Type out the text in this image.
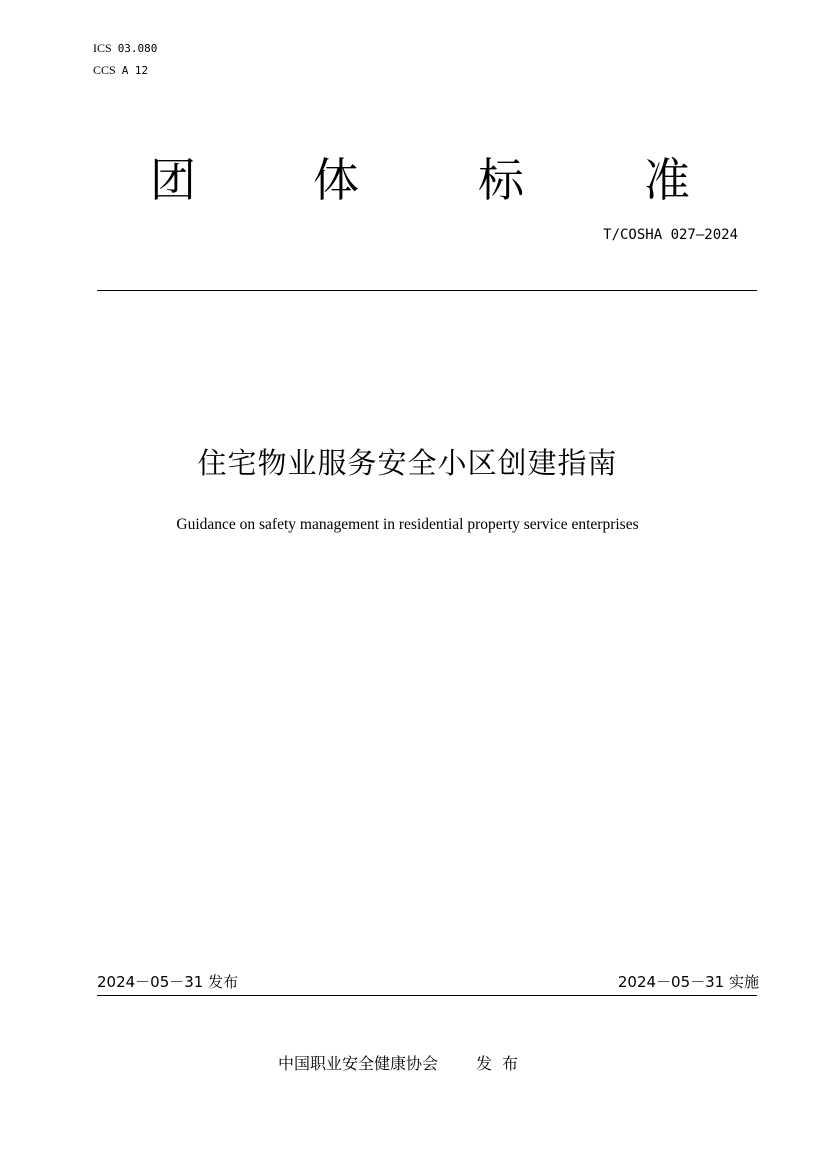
ICS 03.080
CCS A 12
团	体	标	准
T/COSHA 027—2024
住宅物业服务安全小区创建指南
Guidance on safety management in residential property service enterprises
2024－05－31 发布	2024－05－31 实施
中国职业安全健康协会 发布
